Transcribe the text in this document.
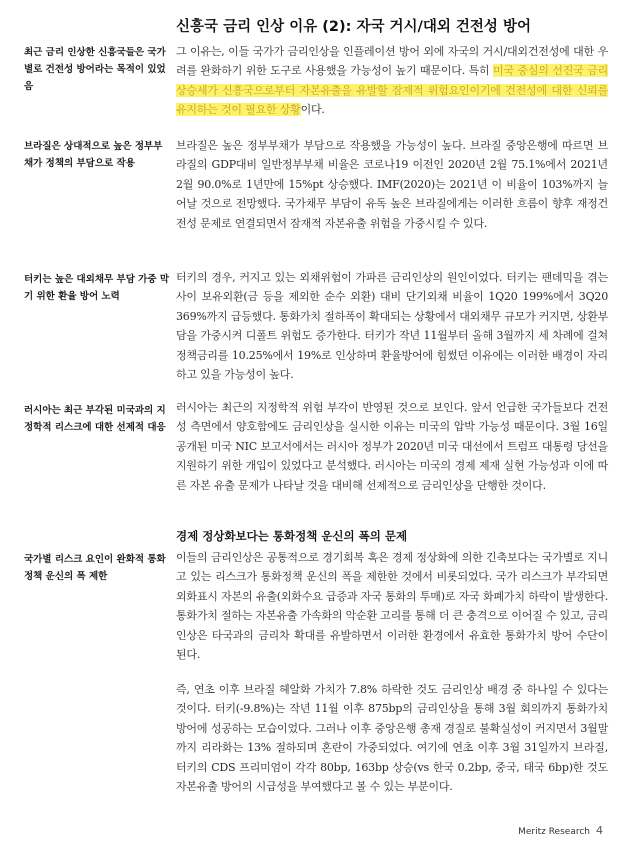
신흥국 금리 인상 이유 (2): 자국 거시/대외 건전성 방어
최근 금리 인상한 신흥국들은 국가별로 건전성 방어라는 목적이 있었음
그 이유는, 이들 국가가 금리인상을 인플레이션 방어 외에 자국의 거시/대외건전성에 대한 우려를 완화하기 위한 도구로 사용했을 가능성이 높기 때문이다. 특히 미국 중심의 선진국 금리 상승세가 신흥국으로부터 자본유출을 유발할 잠재적 위험요인이기에 건전성에 대한 신뢰를 유지하는 것이 필요한 상황이다.
브라질은 상대적으로 높은 정부부채가 정책의 부담으로 작용
브라질은 높은 정부부채가 부담으로 작용했을 가능성이 높다. 브라질 중앙은행에 따르면 브라질의 GDP대비 일반정부부채 비율은 코로나19 이전인 2020년 2월 75.1%에서 2021년 2월 90.0%로 1년만에 15%pt 상승했다. IMF(2020)는 2021년 이 비율이 103%까지 늘어날 것으로 전망했다. 국가채무 부담이 유독 높은 브라질에게는 이러한 흐름이 향후 재정건전성 문제로 연결되면서 잠재적 자본유출 위험을 가중시킬 수 있다.
터키는 높은 대외채무 부담 가중 막기 위한 환율 방어 노력
터키의 경우, 커지고 있는 외채위험이 가파른 금리인상의 원인이었다. 터키는 팬데믹을 겪는 사이 보유외환(금 등을 제외한 순수 외환) 대비 단기외채 비율이 1Q20 199%에서 3Q20 369%까지 급등했다. 통화가치 절하폭이 확대되는 상황에서 대외채무 규모가 커지면, 상환부담을 가중시켜 디폴트 위험도 증가한다. 터키가 작년 11월부터 올해 3월까지 세 차례에 걸쳐 정책금리를 10.25%에서 19%로 인상하며 환율방어에 힘썼던 이유에는 이러한 배경이 자리하고 있을 가능성이 높다.
러시아는 최근 부각된 미국과의 지정학적 리스크에 대한 선제적 대응
러시아는 최근의 지정학적 위험 부각이 반영된 것으로 보인다. 앞서 언급한 국가들보다 건전성 측면에서 양호함에도 금리인상을 실시한 이유는 미국의 압박 가능성 때문이다. 3월 16일 공개된 미국 NIC 보고서에서는 러시아 정부가 2020년 미국 대선에서 트럼프 대통령 당선을 지원하기 위한 개입이 있었다고 분석했다. 러시아는 미국의 경제 제재 실현 가능성과 이에 따른 자본 유출 문제가 나타날 것을 대비해 선제적으로 금리인상을 단행한 것이다.
경제 정상화보다는 통화정책 운신의 폭의 문제
국가별 리스크 요인이 완화적 통화정책 운신의 폭 제한
이들의 금리인상은 공통적으로 경기회복 혹은 경제 정상화에 의한 긴축보다는 국가별로 지니고 있는 리스크가 통화정책 운신의 폭을 제한한 것에서 비롯되었다. 국가 리스크가 부각되면 외화표시 자본의 유출(외화수요 급증과 자국 통화의 투매)로 자국 화폐가치 하락이 발생한다. 통화가치 절하는 자본유출 가속화의 악순환 고리를 통해 더 큰 충격으로 이어질 수 있고, 금리인상은 타국과의 금리차 확대를 유발하면서 이러한 환경에서 유효한 통화가치 방어 수단이 된다.
즉, 연초 이후 브라질 헤알화 가치가 7.8% 하락한 것도 금리인상 배경 중 하나일 수 있다는 것이다. 터키(-9.8%)는 작년 11월 이후 875bp의 금리인상을 통해 3월 회의까지 통화가치 방어에 성공하는 모습이었다. 그러나 이후 중앙은행 총재 경질로 불확실성이 커지면서 3월말까지 리라화는 13% 절하되며 혼란이 가중되었다. 여기에 연초 이후 3월 31일까지 브라질, 터키의 CDS 프리미엄이 각각 80bp, 163bp 상승(vs 한국 0.2bp, 중국, 태국 6bp)한 것도 자본유출 방어의 시급성을 부여했다고 볼 수 있는 부분이다.
Meritz Research 4
